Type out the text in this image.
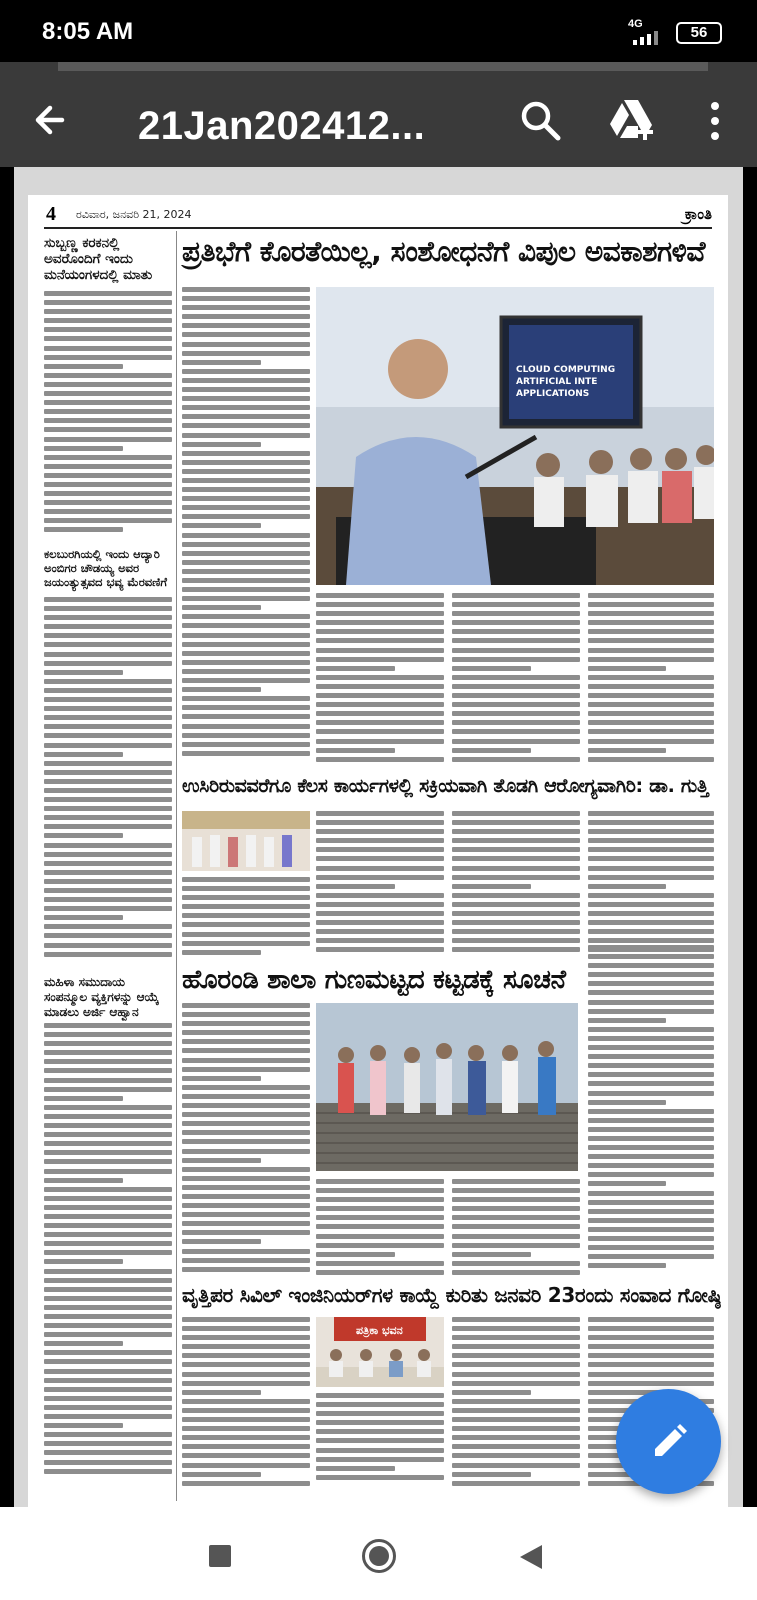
8:05 AM	4G	56
21Jan202412...
4 ರವಿವಾರ, ಜನವರಿ 21, 2024	ಕ್ರಾಂತಿ
ಸುಬ್ಬಣ್ಣ ಕರಕನಲ್ಲಿ ಅವರೊಂದಿಗೆ ಇಂದು ಮನೆಯಂಗಳದಲ್ಲಿ ಮಾತು
ಕಲಬುರಗಿಯಲ್ಲಿ ಇಂದು ಆದ್ಯಾರಿ ಅಂಬಿಗರ ಚೌಡಯ್ಯ ಅವರ ಜಯಂತ್ಯುತ್ಸವದ ಭವ್ಯ ಮೆರವಣಿಗೆ
ಮಹಿಳಾ ಸಮುದಾಯ ಸಂಪನ್ಮೂಲ ವ್ಯಕ್ತಿಗಳನ್ನು ಆಯ್ಕೆ ಮಾಡಲು ಅರ್ಜಿ ಆಹ್ವಾನ
ಪ್ರತಿಭೆಗೆ ಕೊರತೆಯಿಲ್ಲ, ಸಂಶೋಧನೆಗೆ ವಿಪುಲ ಅವಕಾಶಗಳಿವೆ
CLOUD COMPUTING
ARTIFICIAL INTE
APPLICATIONS
ಉಸಿರಿರುವವರೆಗೂ ಕೆಲಸ ಕಾರ್ಯಗಳಲ್ಲಿ ಸಕ್ರಿಯವಾಗಿ ತೊಡಗಿ ಆರೋಗ್ಯವಾಗಿರಿ: ಡಾ. ಗುತ್ತಿ
ಹೊರಂಡಿ ಶಾಲಾ ಗುಣಮಟ್ಟದ ಕಟ್ಟಡಕ್ಕೆ ಸೂಚನೆ
ವೃತ್ತಿಪರ ಸಿವಿಲ್ ಇಂಜಿನಿಯರ್‌ಗಳ ಕಾಯ್ದೆ ಕುರಿತು ಜನವರಿ 23ರಂದು ಸಂವಾದ ಗೋಷ್ಠಿ
ಪತ್ರಿಕಾ ಭವನ
